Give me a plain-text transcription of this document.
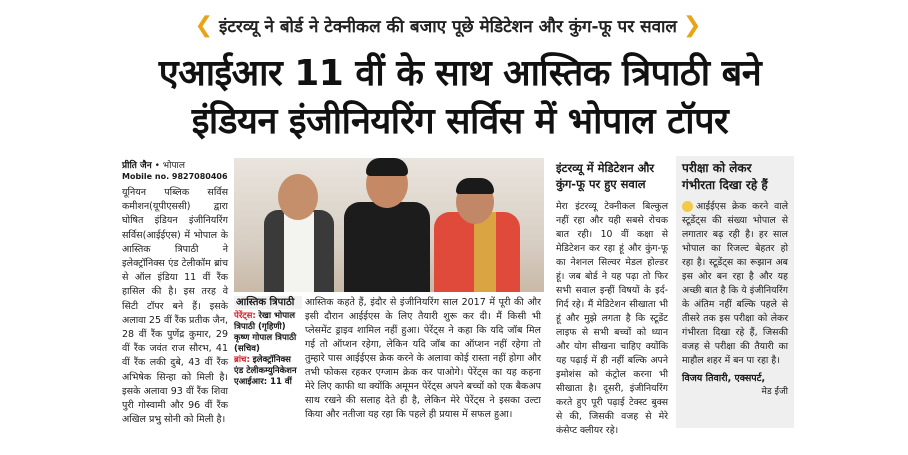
❮ इंटरव्यू ने बोर्ड ने टेक्नीकल की बजाए पूछे मेडिटेशन और कुंग-फू पर सवाल ❯
एआईआर 11 वीं के साथ आस्तिक त्रिपाठी बने
इंडियन इंजीनियरिंग सर्विस में भोपाल टॉपर
प्रीति जैन • भोपाल
Mobile no. 9827080406
यूनियन पब्लिक सर्विस कमीशन(यूपीएससी) द्वारा घोषित इंडियन इंजीनियरिंग सर्विस(आईईएस) में भोपाल के आस्तिक त्रिपाठी ने इलेक्ट्रॉनिक्स एंड टेलीकॉम ब्रांच से ऑल इंडिया 11 वीं रैंक हासिल की है। इस तरह वे सिटी टॉपर बने हैं। इसके अलावा 25 वीं रैंक प्रतीक जैन, 28 वीं रैंक पुणेंद्र कुमार, 29 वीं रैंक जवंत राज सौरभ, 41 वीं रैंक लकी दुबे, 43 वीं रैंक अभिषेक सिन्हा को मिली है। इसके अलावा 93 वीं रैंक शिवा पुरी गोस्वामी और 96 वीं रैंक अखिल प्रभु सोनी को मिली है।
आस्तिक त्रिपाठी
पेरेंट्स: रेखा भोपाल त्रिपाठी (गृहिणी) कृष्ण गोपाल त्रिपाठी (सचिव)
ब्रांच: इलेक्ट्रॉनिक्स एंड टेलीकम्युनिकेशन
एआईआर: 11 वीं
आस्तिक कहते हैं, इंदौर से इंजीनियरिंग साल 2017 में पूरी की और इसी दौरान आईईएस के लिए तैयारी शुरू कर दी। मैं किसी भी प्लेसमेंट ड्राइव शामिल नहीं हुआ। पेरेंट्स ने कहा कि यदि जॉब मिल गई तो ऑप्शन रहेगा, लेकिन यदि जॉब का ऑप्शन नहीं रहेगा तो तुम्हारे पास आईईएस क्रेक करने के अलावा कोई रास्ता नहीं होगा और तभी फोकस रहकर एग्जाम क्रेक कर पाओगे। पेरेंट्स का यह कहना मेरे लिए काफी था क्योंकि अमूमन पेरेंट्स अपने बच्चों को एक बैकअप साथ रखने की सलाह देते ही है, लेकिन मेरे पेरेंट्स ने इसका उल्टा किया और नतीजा यह रहा कि पहले ही प्रयास में सफल हुआ।
इंटरव्यू में मेडिटेशन और कुंग-फू पर हुए सवाल
मेरा इंटरव्यू टेक्नीकल बिल्कुल नहीं रहा और यही सबसे रोचक बात रही। 10 वीं कक्षा से मेडिटेशन कर रहा हूं और कुंग-फू का नेशनल सिल्वर मेडल होल्डर हूं। जब बोर्ड ने यह पढ़ा तो फिर सभी सवाल इन्हीं विषयों के इर्द-गिर्द रहे। मैं मेडिटेशन सीखाता भी हूं और मुझे लगता है कि स्टूडेंट लाइफ से सभी बच्चों को ध्यान और योग सीखना चाहिए क्योंकि यह पढ़ाई में ही नहीं बल्कि अपने इमोशंस को कंट्रोल करना भी सीखाता है। दूसरी, इंजीनियरिंग करते हुए पूरी पढ़ाई टेक्स्ट बुक्स से की, जिसकी वजह से मेरे कंसेप्ट क्लीयर रहे।
परीक्षा को लेकर गंभीरता दिखा रहे हैं
आईईएस क्रेक करने वाले स्टूडेंट्स की संख्या भोपाल से लगातार बढ़ रही है। हर साल भोपाल का रिजल्ट बेहतर हो रहा है। स्टूडेंट्स का रूझान अब इस ओर बन रहा है और यह अच्छी बात है कि ये इंजीनियरिंग के अंतिम नहीं बल्कि पहले से तीसरे तक इस परीक्षा को लेकर गंभीरता दिखा रहे हैं, जिसकी वजह से परीक्षा की तैयारी का माहौल शहर में बन पा रहा है।
विजय तिवारी, एक्सपर्ट,
मेड ईजी
